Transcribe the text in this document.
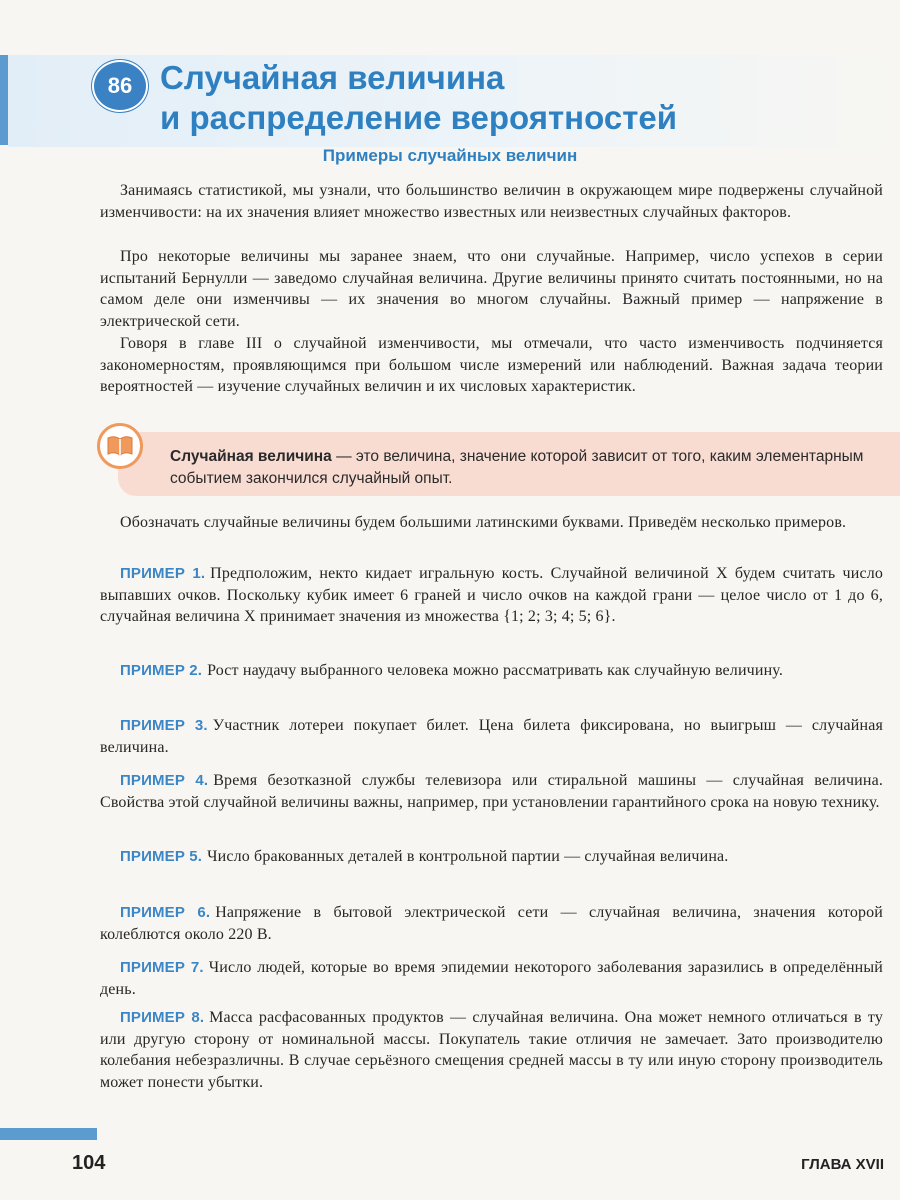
86 Случайная величина
и распределение вероятностей
Примеры случайных величин

Занимаясь статистикой, мы узнали, что большинство величин в окружающем мире подвержены случайной изменчивости: на их значения влияет множество известных или неизвестных случайных факторов.

Про некоторые величины мы заранее знаем, что они случайные. Например, число успехов в серии испытаний Бернулли — заведомо случайная величина. Другие величины принято считать постоянными, но на самом деле они изменчивы — их значения во многом случайны. Важный пример — напряжение в электрической сети.

Говоря в главе III о случайной изменчивости, мы отмечали, что часто изменчивость подчиняется закономерностям, проявляющимся при большом числе измерений или наблюдений. Важная задача теории вероятностей — изучение случайных величин и их числовых характеристик.

Случайная величина — это величина, значение которой зависит от того, каким элементарным событием закончился случайный опыт.

Обозначать случайные величины будем большими латинскими буквами. Приведём несколько примеров.

ПРИМЕР 1. Предположим, некто кидает игральную кость. Случайной величиной X будем считать число выпавших очков. Поскольку кубик имеет 6 граней и число очков на каждой грани — целое число от 1 до 6, случайная величина X принимает значения из множества {1; 2; 3; 4; 5; 6}.

ПРИМЕР 2. Рост наудачу выбранного человека можно рассматривать как случайную величину.

ПРИМЕР 3. Участник лотереи покупает билет. Цена билета фиксирована, но выигрыш — случайная величина.

ПРИМЕР 4. Время безотказной службы телевизора или стиральной машины — случайная величина. Свойства этой случайной величины важны, например, при установлении гарантийного срока на новую технику.

ПРИМЕР 5. Число бракованных деталей в контрольной партии — случайная величина.

ПРИМЕР 6. Напряжение в бытовой электрической сети — случайная величина, значения которой колеблются около 220 В.

ПРИМЕР 7. Число людей, которые во время эпидемии некоторого заболевания заразились в определённый день.

ПРИМЕР 8. Масса расфасованных продуктов — случайная величина. Она может немного отличаться в ту или другую сторону от номинальной массы. Покупатель такие отличия не замечает. Зато производителю колебания небезразличны. В случае серьёзного смещения средней массы в ту или иную сторону производитель может понести убытки.

104	ГЛАВА XVII
